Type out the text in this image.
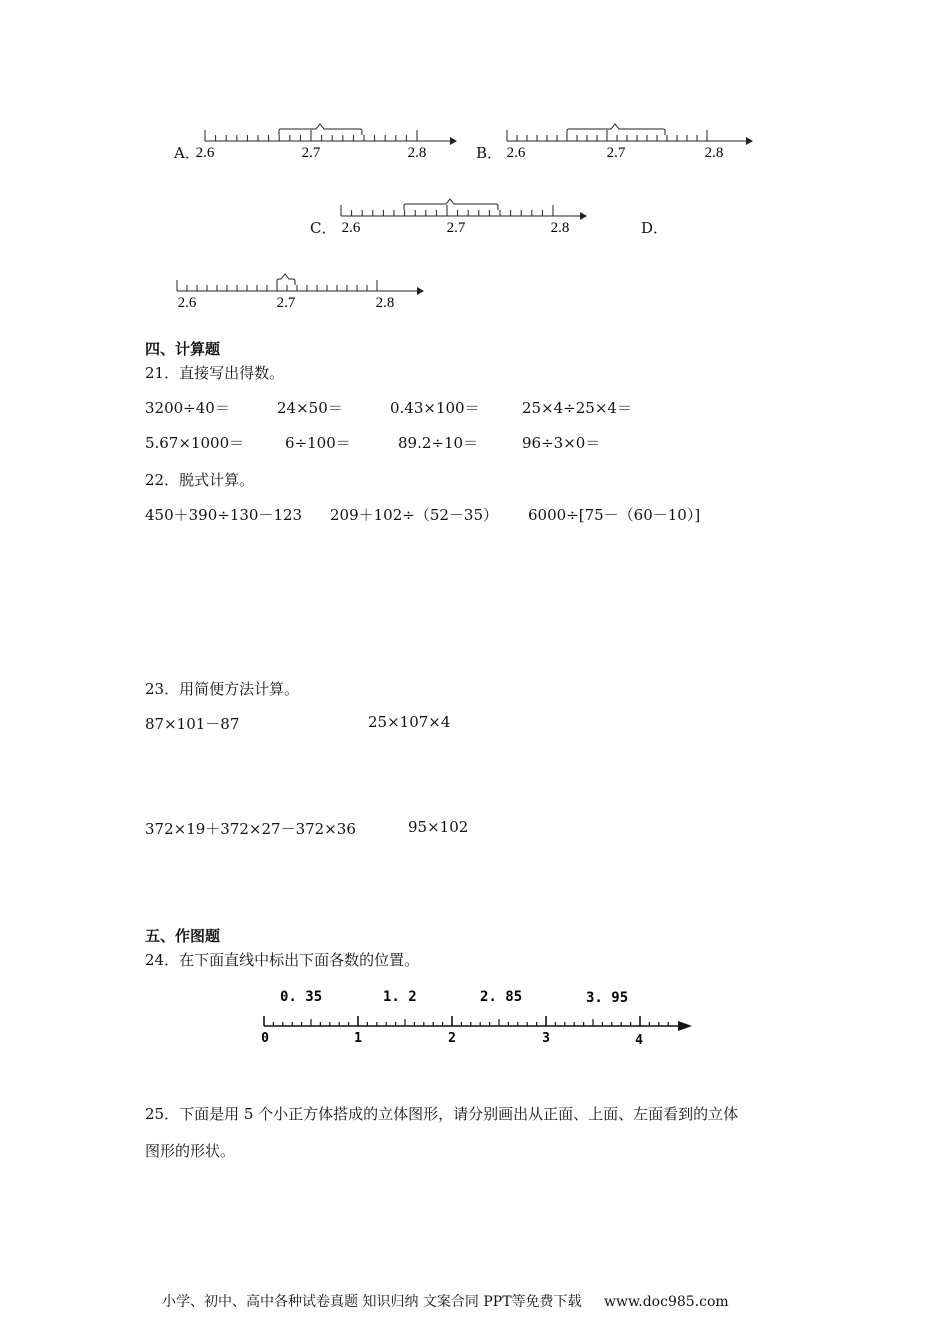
A．
2.6	2.7	2.8	B． 2.6	2.7	2.8
C． 2.6	2.7	2.8	D．
2.6	2.7	2.8
四、计算题
21．直接写出得数。
3200÷40＝	24×50＝	0.43×100＝	25×4÷25×4＝
5.67×1000＝	6÷100＝	89.2÷10＝	96÷3×0＝
22．脱式计算。
450＋390÷130－123 209＋102÷（52－35） 6000÷[75－（60－10）]
23．用简便方法计算。
87×101－87	25×107×4
372×19＋372×27－372×36	95×102
五、作图题
24．在下面直线中标出下面各数的位置。
0. 35	1. 2	2. 85	3. 95
0	1	2	3	4
25．下面是用 5 个小正方体搭成的立体图形，请分别画出从正面、上面、左面看到的立体
图形的形状。
小学、初中、高中各种试卷真题 知识归纳 文案合同 PPT等免费下载 www.doc985.com
